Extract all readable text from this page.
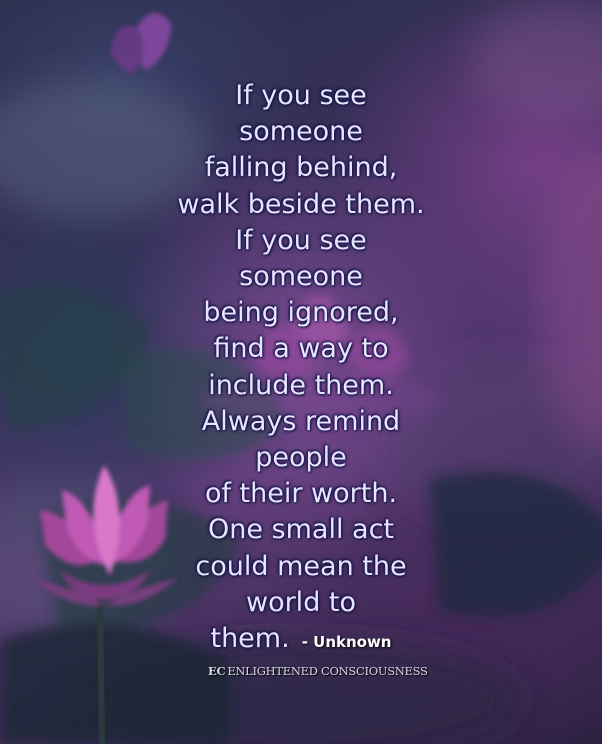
If you see
someone
falling behind,
walk beside them.
If you see
someone
being ignored,
find a way to
include them.
Always remind
people
of their worth.
One small act
could mean the
world to
them. - Unknown

EC ENLIGHTENED CONSCIOUSNESS
